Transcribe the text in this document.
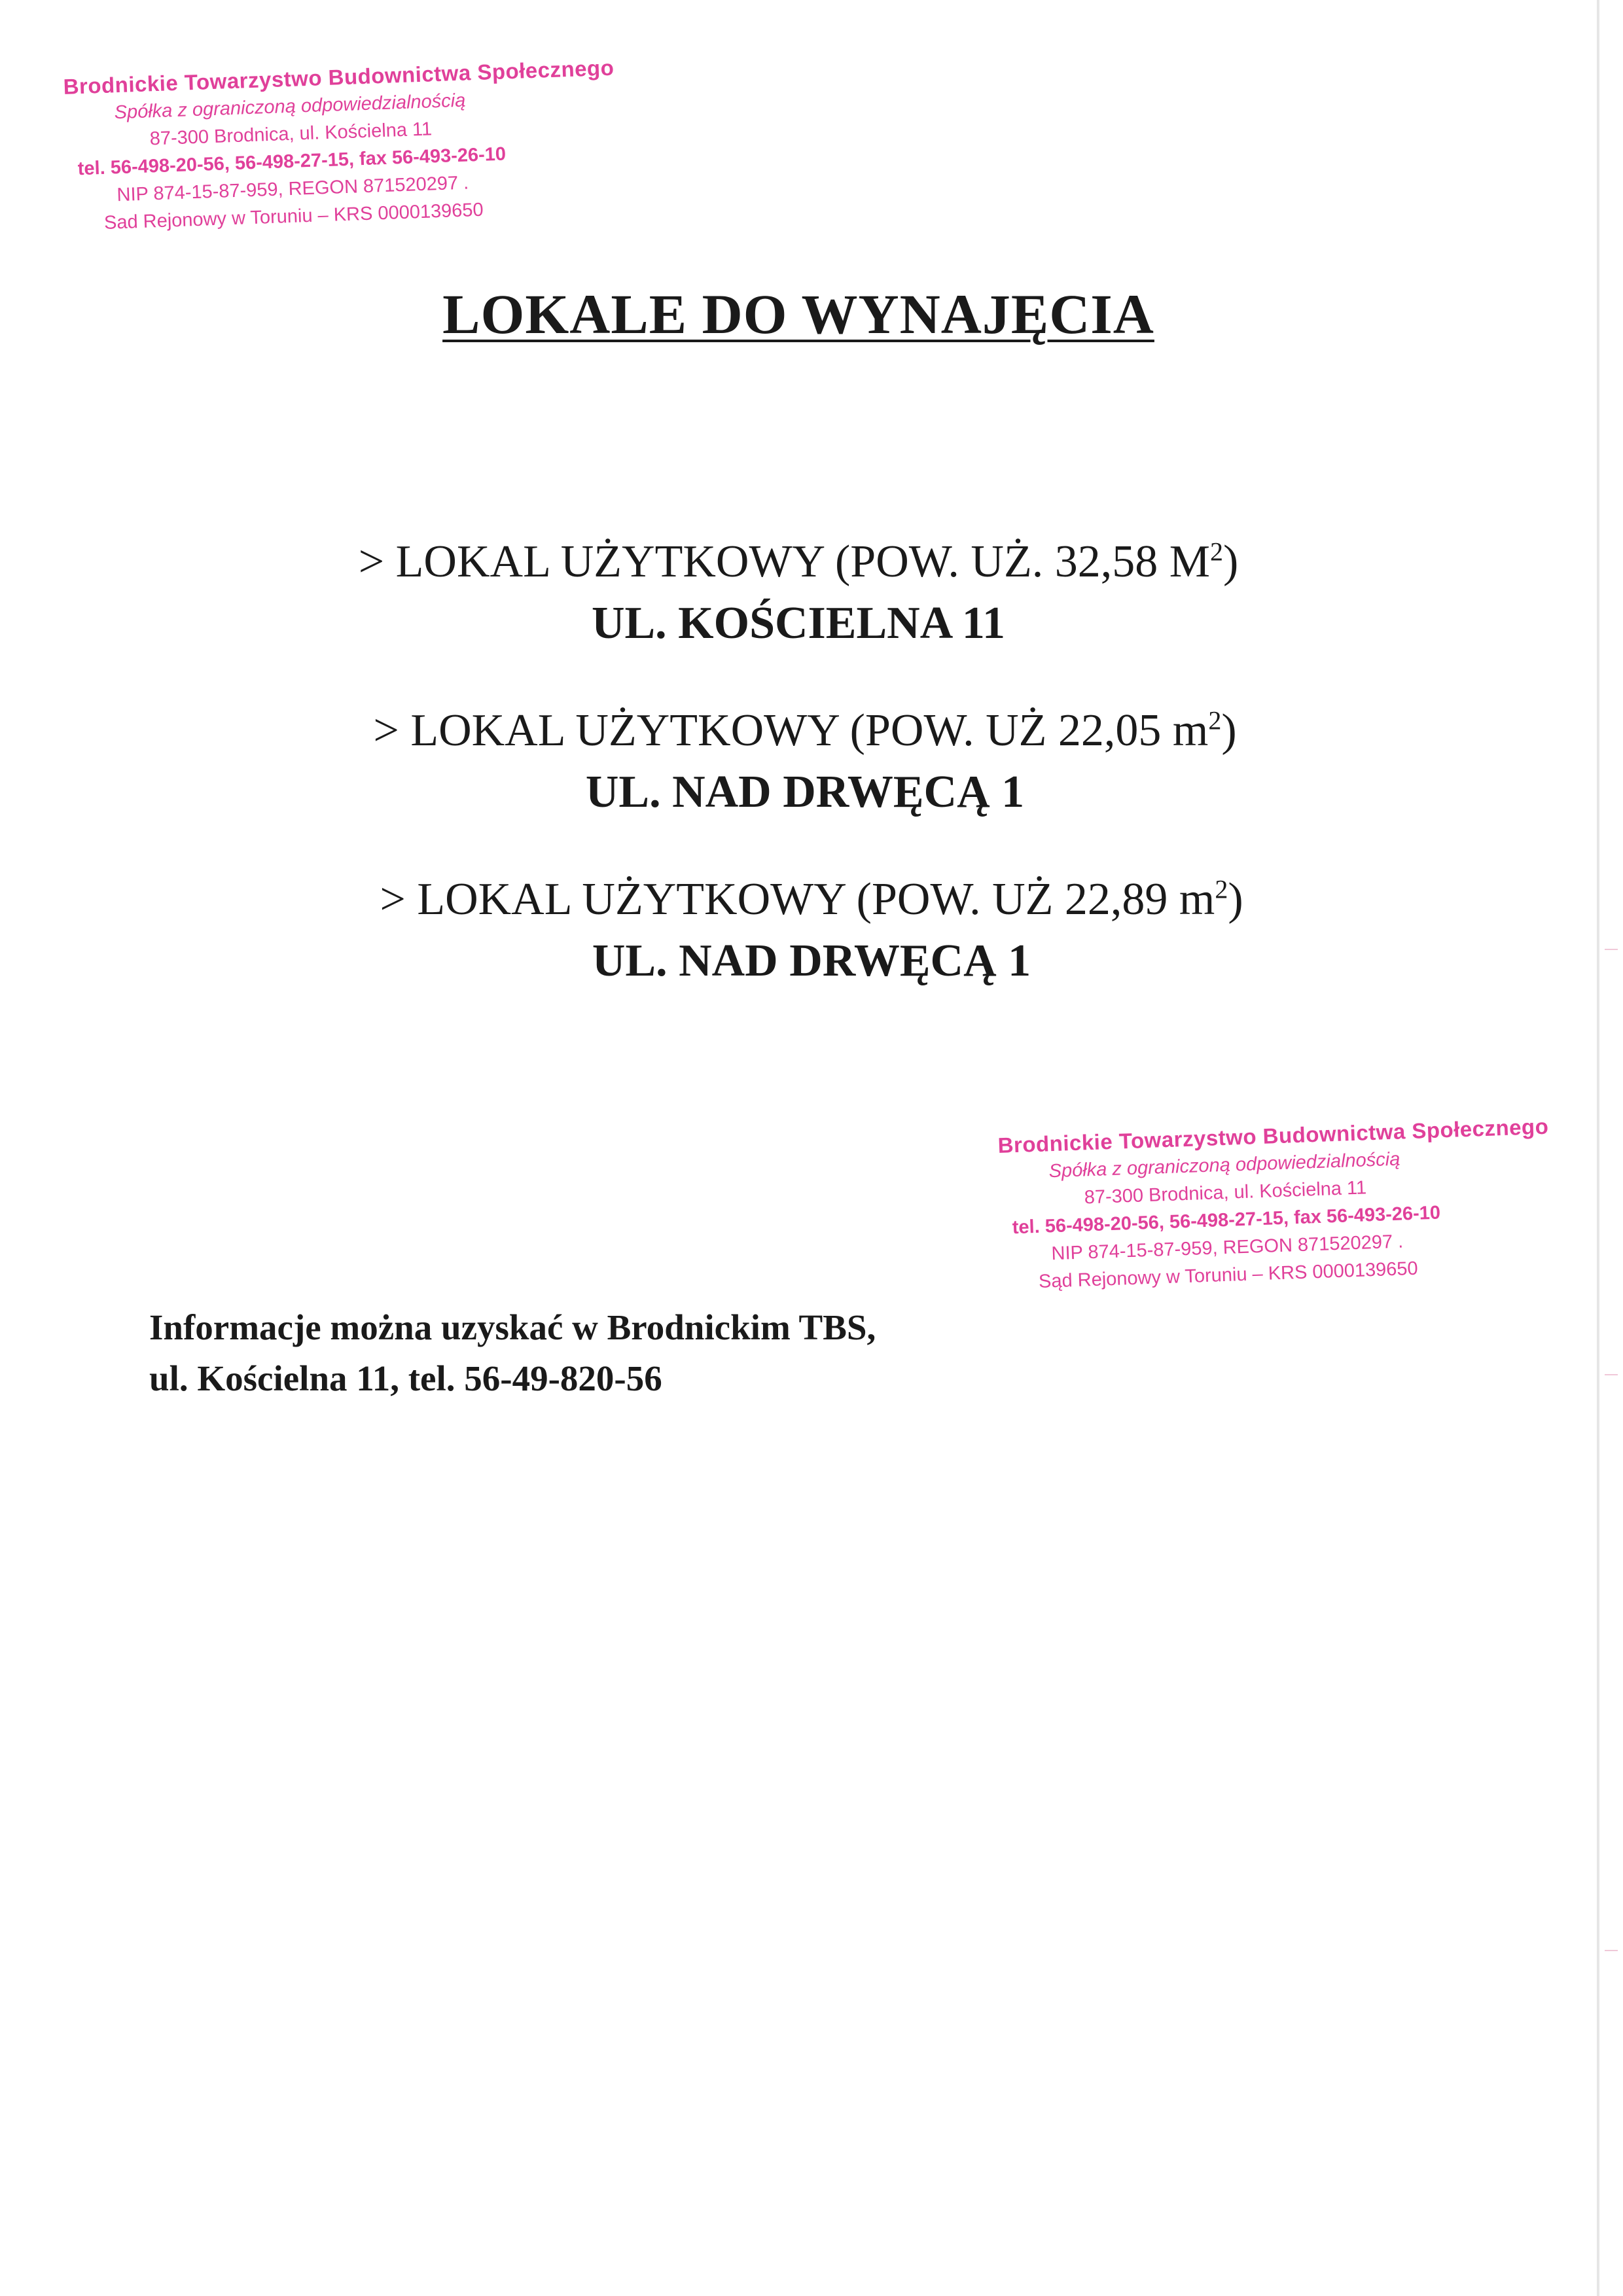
Brodnickie Towarzystwo Budownictwa Społecznego
Spółka z ograniczoną odpowiedzialnością
87-300 Brodnica, ul. Kościelna 11
tel. 56-498-20-56, 56-498-27-15, fax 56-493-26-10
NIP 874-15-87-959, REGON 871520297 .
Sad Rejonowy w Toruniu – KRS 0000139650
LOKALE DO WYNAJĘCIA
> LOKAL UŻYTKOWY (POW. UŻ. 32,58 $M^2$)
UL. KOŚCIELNA 11
> LOKAL UŻYTKOWY (POW. UŻ 22,05 $m^2$)
UL. NAD DRWĘCĄ 1
> LOKAL UŻYTKOWY (POW. UŻ 22,89 $m^2$)
UL. NAD DRWĘCĄ 1
Brodnickie Towarzystwo Budownictwa Społecznego
Spółka z ograniczoną odpowiedzialnością
87-300 Brodnica, ul. Kościelna 11
tel. 56-498-20-56, 56-498-27-15, fax 56-493-26-10
NIP 874-15-87-959, REGON 871520297 .
Sąd Rejonowy w Toruniu – KRS 0000139650
Informacje można uzyskać w Brodnickim TBS,
ul. Kościelna 11, tel. 56-49-820-56
